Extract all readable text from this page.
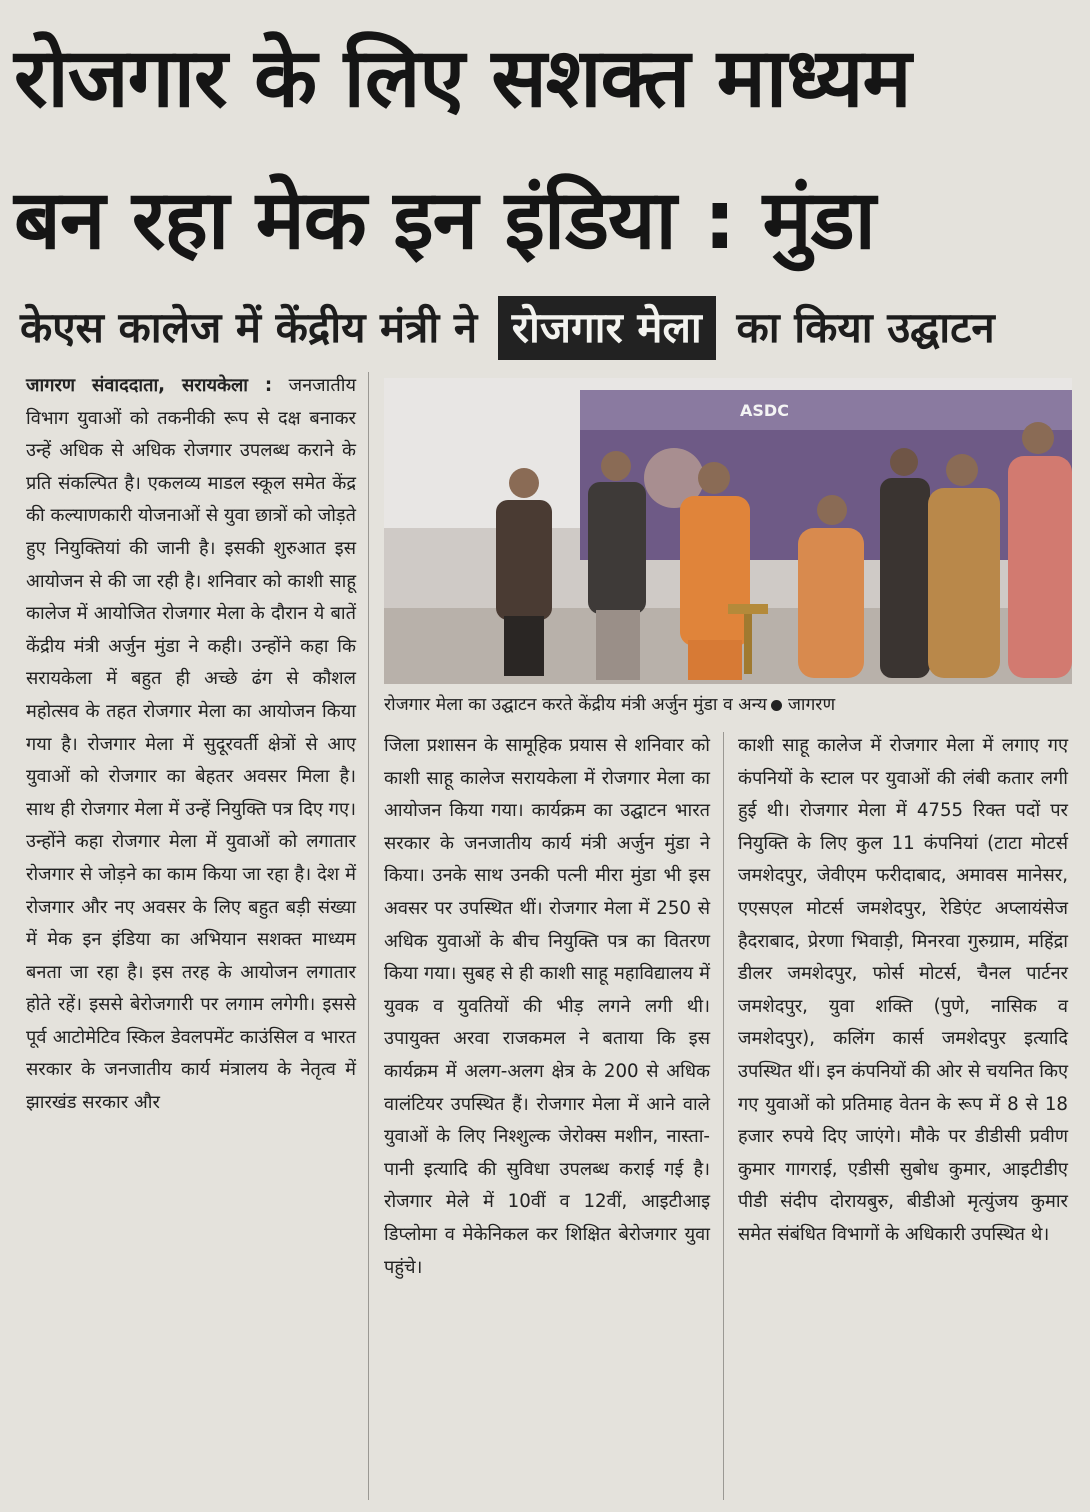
रोजगार के लिए सशक्त माध्यम
बन रहा मेक इन इंडिया : मुंडा
केएस कालेज में केंद्रीय मंत्री ने रोजगार मेला का किया उद्घाटन

जागरण संवाददाता, सरायकेला : जनजातीय विभाग युवाओं को तकनीकी रूप से दक्ष बनाकर उन्हें अधिक से अधिक रोजगार उपलब्ध कराने के प्रति संकल्पित है। एकलव्य माडल स्कूल समेत केंद्र की कल्याणकारी योजनाओं से युवा छात्रों को जोड़ते हुए नियुक्तियां की जानी है। इसकी शुरुआत इस आयोजन से की जा रही है। शनिवार को काशी साहू कालेज में आयोजित रोजगार मेला के दौरान ये बातें केंद्रीय मंत्री अर्जुन मुंडा ने कही। उन्होंने कहा कि सरायकेला में बहुत ही अच्छे ढंग से कौशल महोत्सव के तहत रोजगार मेला का आयोजन किया गया है। रोजगार मेला में सुदूरवर्ती क्षेत्रों से आए युवाओं को रोजगार का बेहतर अवसर मिला है। साथ ही रोजगार मेला में उन्हें नियुक्ति पत्र दिए गए। उन्होंने कहा रोजगार मेला में युवाओं को लगातार रोजगार से जोड़ने का काम किया जा रहा है। देश में रोजगार और नए अवसर के लिए बहुत बड़ी संख्या में मेक इन इंडिया का अभियान सशक्त माध्यम बनता जा रहा है। इस तरह के आयोजन लगातार होते रहें। इससे बेरोजगारी पर लगाम लगेगी। इससे पूर्व आटोमेटिव स्किल डेवलपमेंट काउंसिल व भारत सरकार के जनजातीय कार्य मंत्रालय के नेतृत्व में झारखंड सरकार और

ASDC
रोजगार मेला का उद्घाटन करते केंद्रीय मंत्री अर्जुन मुंडा व अन्य जागरण

जिला प्रशासन के सामूहिक प्रयास से शनिवार को काशी साहू कालेज सरायकेला में रोजगार मेला का आयोजन किया गया। कार्यक्रम का उद्घाटन भारत सरकार के जनजातीय कार्य मंत्री अर्जुन मुंडा ने किया। उनके साथ उनकी पत्नी मीरा मुंडा भी इस अवसर पर उपस्थित थीं। रोजगार मेला में 250 से अधिक युवाओं के बीच नियुक्ति पत्र का वितरण किया गया। सुबह से ही काशी साहू महाविद्यालय में युवक व युवतियों की भीड़ लगने लगी थी। उपायुक्त अरवा राजकमल ने बताया कि इस कार्यक्रम में अलग-अलग क्षेत्र के 200 से अधिक वालंटियर उपस्थित हैं। रोजगार मेला में आने वाले युवाओं के लिए निश्शुल्क जेरोक्स मशीन, नास्ता-पानी इत्यादि की सुविधा उपलब्ध कराई गई है। रोजगार मेले में 10वीं व 12वीं, आइटीआइ डिप्लोमा व मेकेनिकल कर शिक्षित बेरोजगार युवा पहुंचे।

काशी साहू कालेज में रोजगार मेला में लगाए गए कंपनियों के स्टाल पर युवाओं की लंबी कतार लगी हुई थी। रोजगार मेला में 4755 रिक्त पदों पर नियुक्ति के लिए कुल 11 कंपनियां (टाटा मोटर्स जमशेदपुर, जेवीएम फरीदाबाद, अमावस मानेसर, एएसएल मोटर्स जमशेदपुर, रेडिएंट अप्लायंसेज हैदराबाद, प्रेरणा भिवाड़ी, मिनरवा गुरुग्राम, महिंद्रा डीलर जमशेदपुर, फोर्स मोटर्स, चैनल पार्टनर जमशेदपुर, युवा शक्ति (पुणे, नासिक व जमशेदपुर), कलिंग कार्स जमशेदपुर इत्यादि उपस्थित थीं। इन कंपनियों की ओर से चयनित किए गए युवाओं को प्रतिमाह वेतन के रूप में 8 से 18 हजार रुपये दिए जाएंगे। मौके पर डीडीसी प्रवीण कुमार गागराई, एडीसी सुबोध कुमार, आइटीडीए पीडी संदीप दोरायबुरु, बीडीओ मृत्युंजय कुमार समेत संबंधित विभागों के अधिकारी उपस्थित थे।
